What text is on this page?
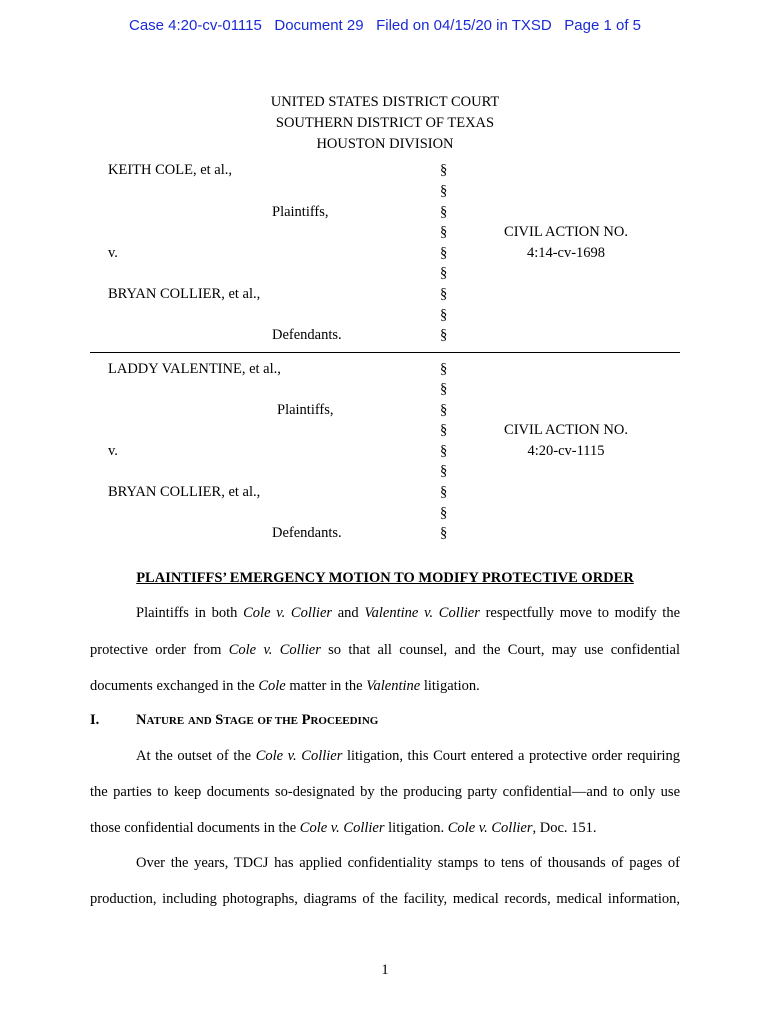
Case 4:20-cv-01115 Document 29 Filed on 04/15/20 in TXSD Page 1 of 5
UNITED STATES DISTRICT COURT
SOUTHERN DISTRICT OF TEXAS
HOUSTON DIVISION
KEITH COLE, et al.,
Plaintiffs,
v.
BRYAN COLLIER, et al.,
Defendants.
§
§
§
§
§
§
§
§
§
CIVIL ACTION NO.
4:14-cv-1698
LADDY VALENTINE, et al.,
Plaintiffs,
v.
BRYAN COLLIER, et al.,
Defendants.
§
§
§
§
§
§
§
§
§
CIVIL ACTION NO.
4:20-cv-1115
PLAINTIFFS’ EMERGENCY MOTION TO MODIFY PROTECTIVE ORDER
Plaintiffs in both Cole v. Collier and Valentine v. Collier respectfully move to modify the
protective order from Cole v. Collier so that all counsel, and the Court, may use confidential
documents exchanged in the Cole matter in the Valentine litigation.
I.	NATURE AND STAGE OF THE PROCEEDING
At the outset of the Cole v. Collier litigation, this Court entered a protective order requiring
the parties to keep documents so-designated by the producing party confidential—and to only use
those confidential documents in the Cole v. Collier litigation. Cole v. Collier, Doc. 151.
Over the years, TDCJ has applied confidentiality stamps to tens of thousands of pages of
production, including photographs, diagrams of the facility, medical records, medical information,
1
